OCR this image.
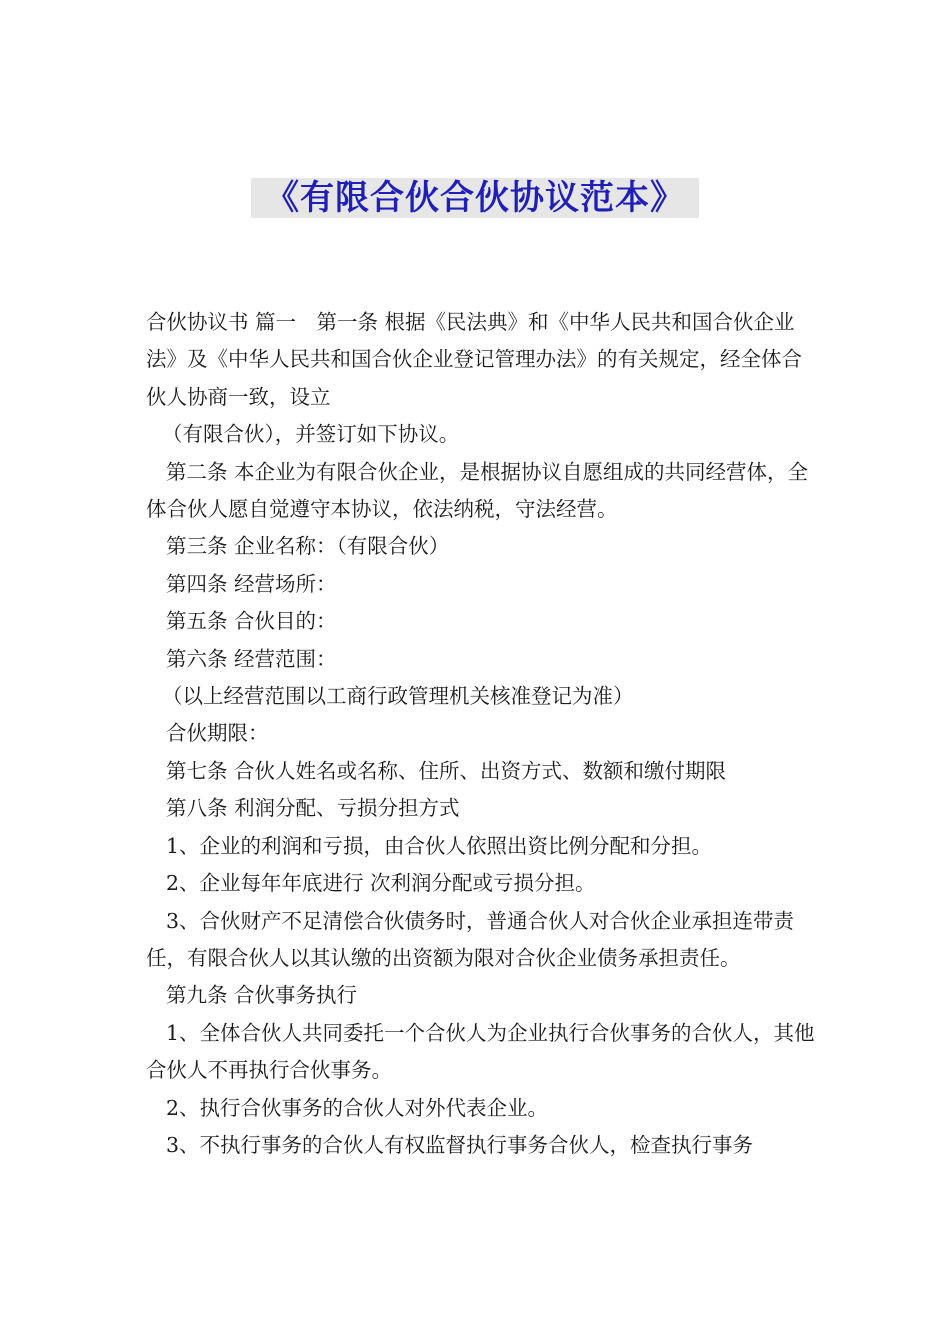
《有限合伙合伙协议范本》

合伙协议书 篇一　第一条 根据《民法典》和《中华人民共和国合伙企业法》及《中华人民共和国合伙企业登记管理办法》的有关规定，经全体合伙人协商一致，设立

（有限合伙），并签订如下协议。

第二条 本企业为有限合伙企业，是根据协议自愿组成的共同经营体，全体合伙人愿自觉遵守本协议，依法纳税，守法经营。

第三条 企业名称：（有限合伙）

第四条 经营场所：

第五条 合伙目的：

第六条 经营范围：

（以上经营范围以工商行政管理机关核准登记为准）

合伙期限：

第七条 合伙人姓名或名称、住所、出资方式、数额和缴付期限

第八条 利润分配、亏损分担方式

1、企业的利润和亏损，由合伙人依照出资比例分配和分担。

2、企业每年年底进行 次利润分配或亏损分担。

3、合伙财产不足清偿合伙债务时，普通合伙人对合伙企业承担连带责任，有限合伙人以其认缴的出资额为限对合伙企业债务承担责任。

第九条 合伙事务执行

1、全体合伙人共同委托一个合伙人为企业执行合伙事务的合伙人，其他合伙人不再执行合伙事务。

2、执行合伙事务的合伙人对外代表企业。

3、不执行事务的合伙人有权监督执行事务合伙人，检查执行事务
